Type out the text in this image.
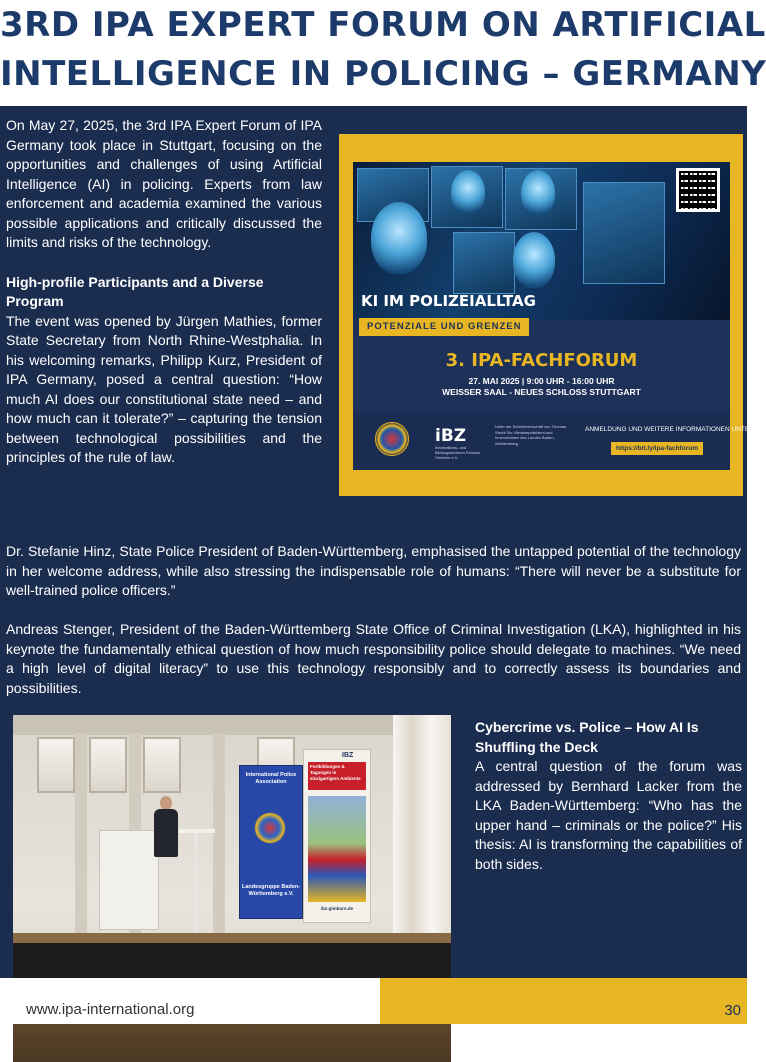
3RD IPA EXPERT FORUM ON ARTIFICIAL
INTELLIGENCE IN POLICING – GERMANY

On May 27, 2025, the 3rd IPA Expert Forum of IPA Germany took place in Stuttgart, focusing on the opportunities and challenges of using Artificial Intelligence (AI) in policing. Experts from law enforcement and academia examined the various possible applications and critically discussed the limits and risks of the technology.

High-profile Participants and a Diverse Program

The event was opened by Jürgen Mathies, former State Secretary from North Rhine-Westphalia. In his welcoming remarks, Philipp Kurz, President of IPA Germany, posed a central question: “How much AI does our constitutional state need – and how much can it tolerate?” – capturing the tension between technological possibilities and the principles of the rule of law.

KI IM POLIZEIALLTAG
POTENZIALE UND GRENZEN
3. IPA-FACHFORUM
27. MAI 2025 | 9:00 UHR - 16:00 UHR
WEISSER SAAL - NEUES SCHLOSS STUTTGART
iBZ
Informations- und Bildungszentrum Schloss Gimborn e.V.
Unter der Schirmherrschaft von Thomas Strobl Stv. Ministerpräsident und Innenminister des Landes Baden-Württemberg
ANMELDUNG UND WEITERE INFORMATIONEN UNTER
https://bit.ly/ipa-fachforum

Dr. Stefanie Hinz, State Police President of Baden-Württemberg, emphasised the untapped potential of the technology in her welcome address, while also stressing the indispensable role of humans: “There will never be a substitute for well-trained police officers.”

Andreas Stenger, President of the Baden-Württemberg State Office of Criminal Investigation (LKA), highlighted in his keynote the fundamentally ethical question of how much responsibility police should delegate to machines. “We need a high level of digital literacy” to use this technology responsibly and to correctly assess its boundaries and possibilities.

International Police Association
Landesgruppe Baden-Württemberg e.V.
IBZ
Fortbildungen & Tagungen in einzigartigem Ambiente
ibz-gimborn.de

Cybercrime vs. Police – How AI Is Shuffling the Deck

A central question of the forum was addressed by Bernhard Lacker from the LKA Baden-Württemberg: “Who has the upper hand – criminals or the police?” His thesis: AI is transforming the capabilities of both sides.

www.ipa-international.org	30
